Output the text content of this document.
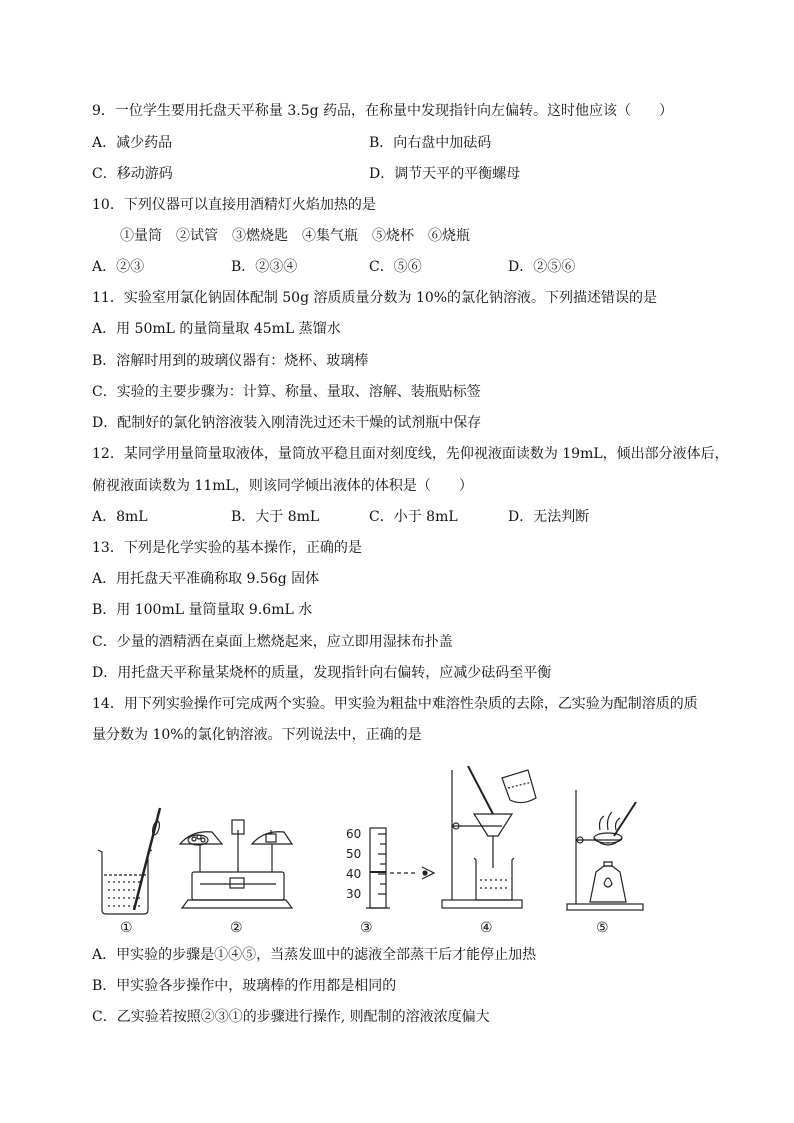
9．一位学生要用托盘天平称量 3.5g 药品，在称量中发现指针向左偏转。这时他应该（　　）
A．减少药品	B．向右盘中加砝码
C．移动游码	D．调节天平的平衡螺母
10．下列仪器可以直接用酒精灯火焰加热的是
①量筒　②试管　③燃烧匙　④集气瓶　⑤烧杯　⑥烧瓶
A．②③	B．②③④	C．⑤⑥	D．②⑤⑥
11．实验室用氯化钠固体配制 50g 溶质质量分数为 10%的氯化钠溶液。下列描述错误的是
A．用 50mL 的量筒量取 45mL 蒸馏水
B．溶解时用到的玻璃仪器有：烧杯、玻璃棒
C．实验的主要步骤为：计算、称量、量取、溶解、装瓶贴标签
D．配制好的氯化钠溶液装入刚清洗过还未干燥的试剂瓶中保存
12．某同学用量筒量取液体，量筒放平稳且面对刻度线，先仰视液面读数为 19mL，倾出部分液体后，
俯视液面读数为 11mL，则该同学倾出液体的体积是（　　）
A．8mL	B．大于 8mL	C．小于 8mL	D．无法判断
13．下列是化学实验的基本操作，正确的是
A．用托盘天平准确称取 9.56g 固体
B．用 100mL 量筒量取 9.6mL 水
C．少量的酒精洒在桌面上燃烧起来，应立即用湿抹布扑盖
D．用托盘天平称量某烧杯的质量，发现指针向右偏转，应减少砝码至平衡
14．用下列实验操作可完成两个实验。甲实验为粗盐中难溶性杂质的去除，乙实验为配制溶质的质
量分数为 10%的氯化钠溶液。下列说法中，正确的是
60
50
40
30
①	②	③	④	⑤
A．甲实验的步骤是①④⑤，当蒸发皿中的滤液全部蒸干后才能停止加热
B．甲实验各步操作中，玻璃棒的作用都是相同的
C．乙实验若按照②③①的步骤进行操作, 则配制的溶液浓度偏大
